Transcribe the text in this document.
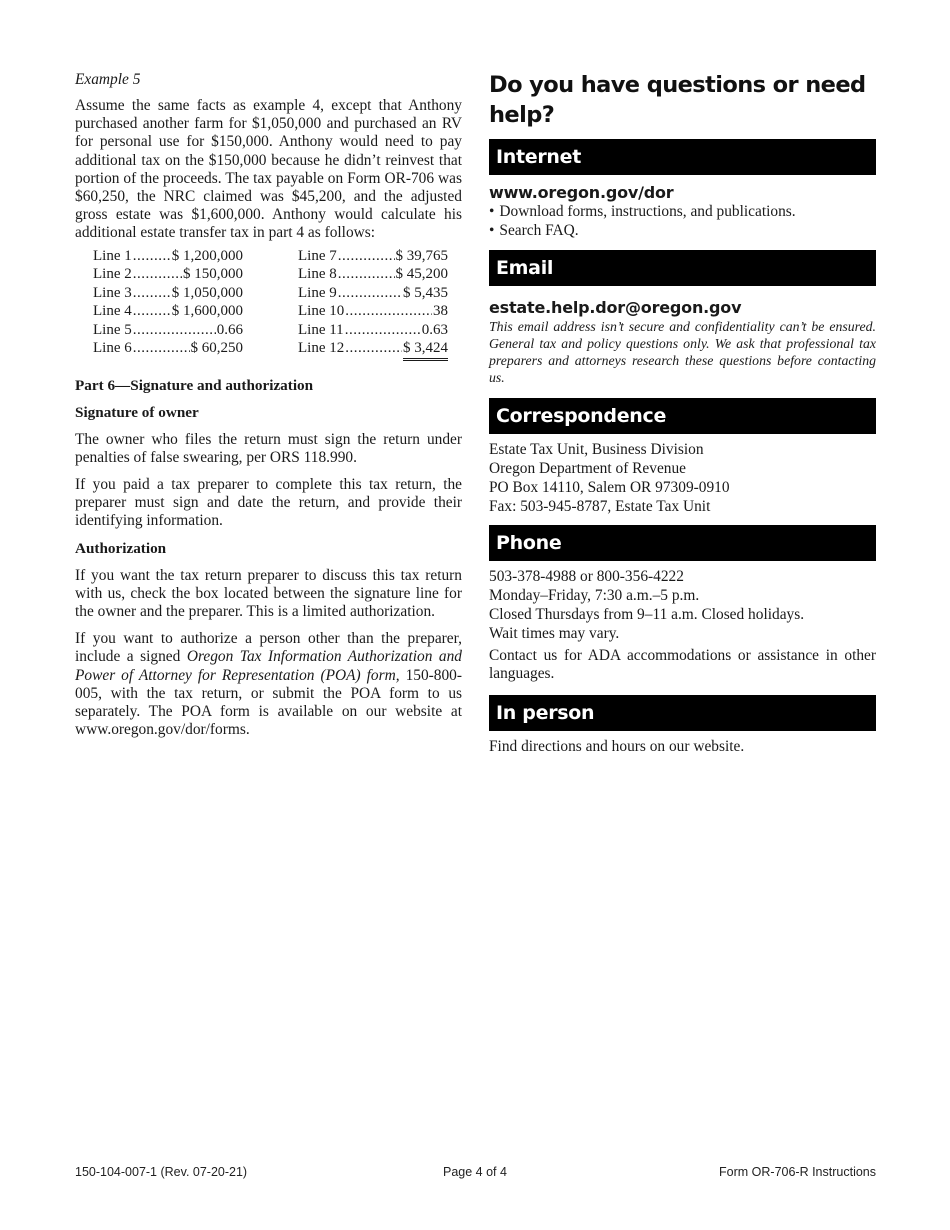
Example 5

Assume the same facts as example 4, except that Anthony purchased another farm for $1,050,000 and purchased an RV for personal use for $150,000. Anthony would need to pay additional tax on the $150,000 because he didn’t reinvest that portion of the proceeds. The tax payable on Form OR-706 was $60,250, the NRC claimed was $45,200, and the adjusted gross estate was $1,600,000. Anthony would calculate his additional estate transfer tax in part 4 as follows:

Line 1 .....	$ 1,200,000
Line 2 .....	$ 150,000
Line 3 .....	$ 1,050,000
Line 4 .....	$ 1,600,000
Line 5 .....	0.66
Line 6 .....	$ 60,250
Line 7 .....	$ 39,765
Line 8 .....	$ 45,200
Line 9 .....	$ 5,435
Line 10 .....	38
Line 11 .....	0.63
Line 12 .....	$ 3,424

Part 6—Signature and authorization

Signature of owner

The owner who files the return must sign the return under penalties of false swearing, per ORS 118.990.

If you paid a tax preparer to complete this tax return, the preparer must sign and date the return, and provide their identifying information.

Authorization

If you want the tax return preparer to discuss this tax return with us, check the box located between the signature line for the owner and the preparer. This is a limited authorization.

If you want to authorize a person other than the preparer, include a signed Oregon Tax Information Authorization and Power of Attorney for Representation (POA) form, 150-800-005, with the tax return, or submit the POA form to us separately. The POA form is available on our website at www.oregon.gov/dor/forms.

Do you have questions or need help?
Internet
www.oregon.gov/dor
• Download forms, instructions, and publications.
• Search FAQ.
Email
estate.help.dor@oregon.gov

This email address isn’t secure and confidentiality can’t be ensured. General tax and policy questions only. We ask that professional tax preparers and attorneys research these questions before contacting us.

Correspondence
Estate Tax Unit, Business Division
Oregon Department of Revenue
PO Box 14110, Salem OR 97309-0910
Fax: 503-945-8787, Estate Tax Unit
Phone
503-378-4988 or 800-356-4222
Monday–Friday, 7:30 a.m.–5 p.m.
Closed Thursdays from 9–11 a.m. Closed holidays.
Wait times may vary.

Contact us for ADA accommodations or assistance in other languages.

In person

Find directions and hours on our website.

150-104-007-1 (Rev. 07-20-21)	Page 4 of 4	Form OR-706-R Instructions
